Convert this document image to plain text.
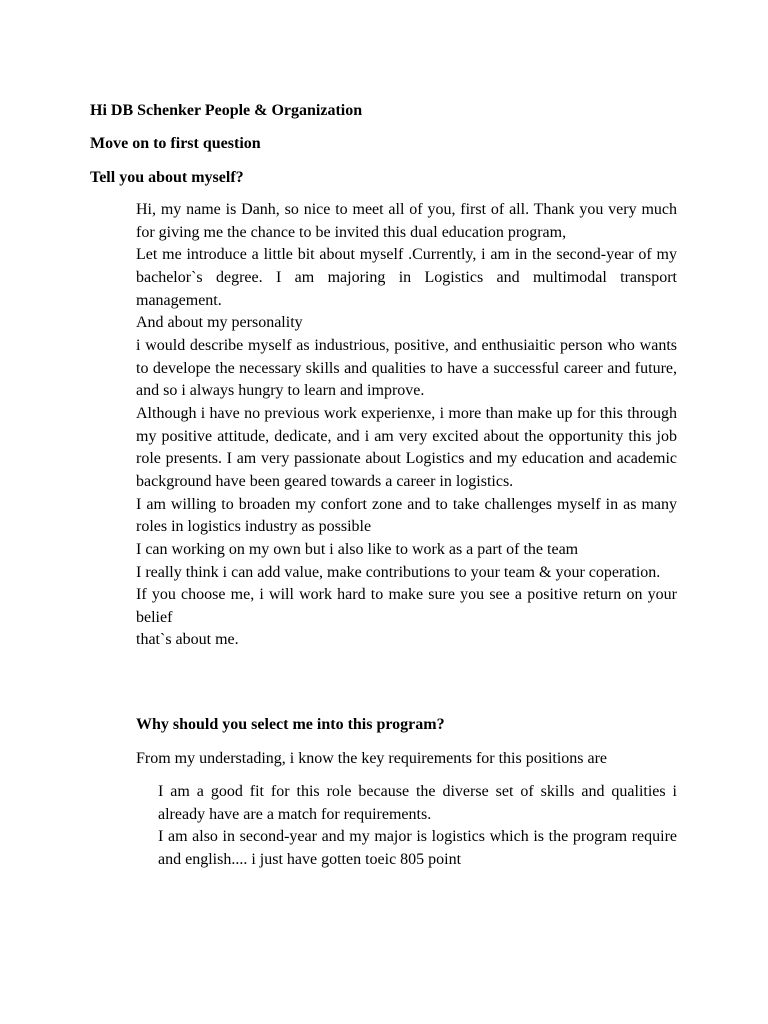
Hi DB Schenker People & Organization

Move on to first question

Tell you about myself?

Hi, my name is Danh, so nice to meet all of you, first of all. Thank you very much for giving me the chance to be invited this dual education program,

Let me introduce a little bit about myself .Currently, i am in the second-year of my bachelor`s degree. I am majoring in Logistics and multimodal transport management.

And about my personality

i would describe myself as industrious, positive, and enthusiaitic person who wants to develope the necessary skills and qualities to have a successful career and future, and so i always hungry to learn and improve.

Although i have no previous work experienxe, i more than make up for this through my positive attitude, dedicate, and i am very excited about the opportunity this job role presents. I am very passionate about Logistics and my education and academic background have been geared towards a career in logistics.

I am willing to broaden my confort zone and to take challenges myself in as many roles in logistics industry as possible

I can working on my own but i also like to work as a part of the team

I really think i can add value, make contributions to your team & your coperation.

If you choose me, i will work hard to make sure you see a positive return on your belief

that`s about me.

Why should you select me into this program?

From my understading, i know the key requirements for this positions are

I am a good fit for this role because the diverse set of skills and qualities i already have are a match for requirements.

I am also in second-year and my major is logistics which is the program require and english.... i just have gotten toeic 805 point
